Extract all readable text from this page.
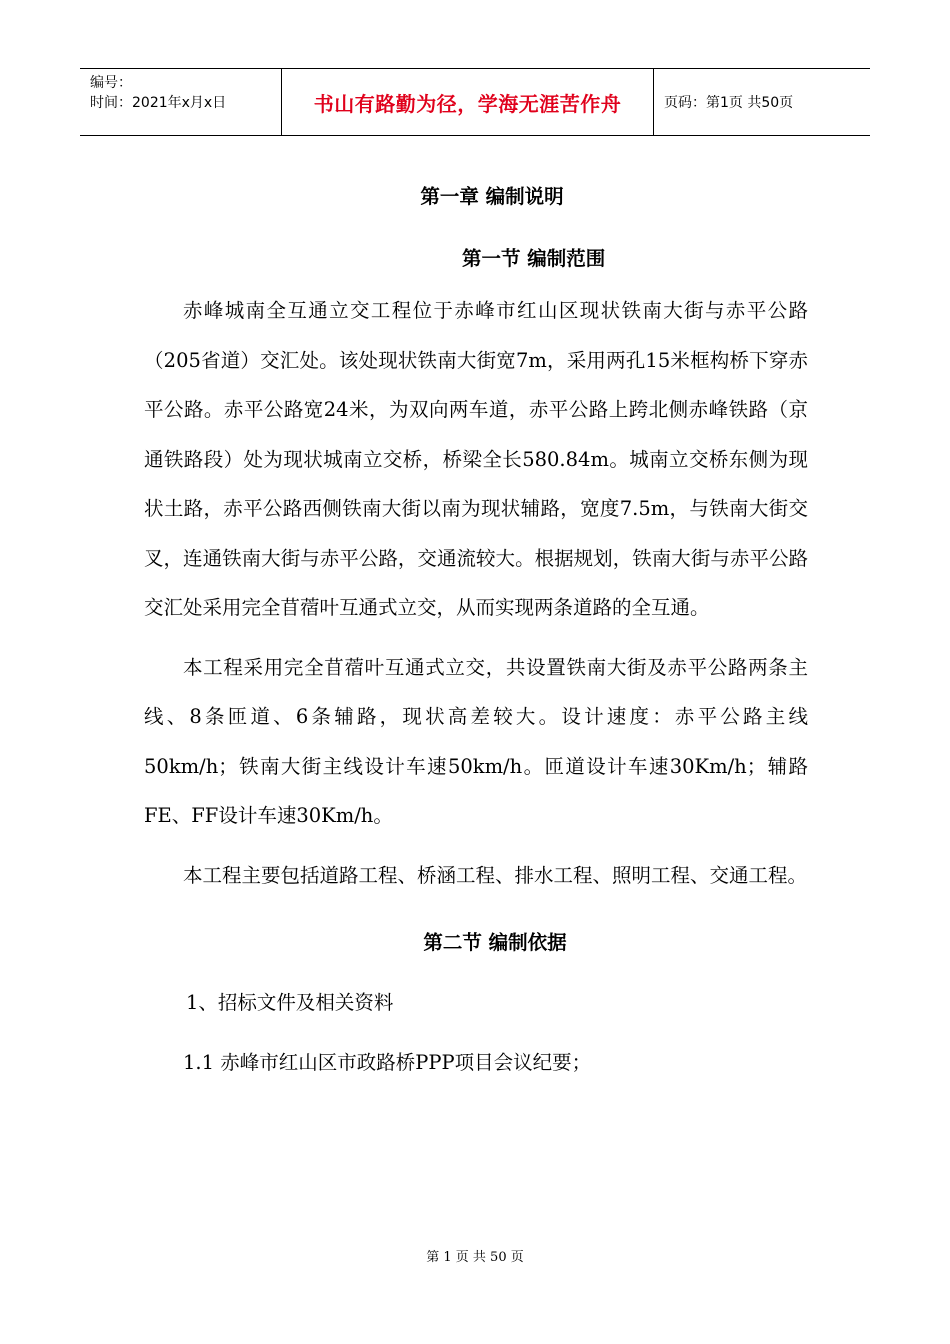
编号：
时间：2021年x月x日	书山有路勤为径，学海无涯苦作舟	页码：第1页 共50页
第一章 编制说明
第一节 编制范围

赤峰城南全互通立交工程位于赤峰市红山区现状铁南大街与赤平公路（205省道）交汇处。该处现状铁南大街宽7m，采用两孔15米框构桥下穿赤平公路。赤平公路宽24米，为双向两车道，赤平公路上跨北侧赤峰铁路（京通铁路段）处为现状城南立交桥，桥梁全长580.84m。城南立交桥东侧为现状土路，赤平公路西侧铁南大街以南为现状辅路，宽度7.5m，与铁南大街交叉，连通铁南大街与赤平公路，交通流较大。根据规划，铁南大街与赤平公路交汇处采用完全苜蓿叶互通式立交，从而实现两条道路的全互通。

本工程采用完全苜蓿叶互通式立交，共设置铁南大街及赤平公路两条主线、8条匝道、6条辅路，现状高差较大。设计速度：赤平公路主线50km/h；铁南大街主线设计车速50km/h。匝道设计车速30Km/h；辅路FE、FF设计车速30Km/h。

本工程主要包括道路工程、桥涵工程、排水工程、照明工程、交通工程。

第二节 编制依据

1、招标文件及相关资料

1.1 赤峰市红山区市政路桥PPP项目会议纪要；

第 1 页 共 50 页
